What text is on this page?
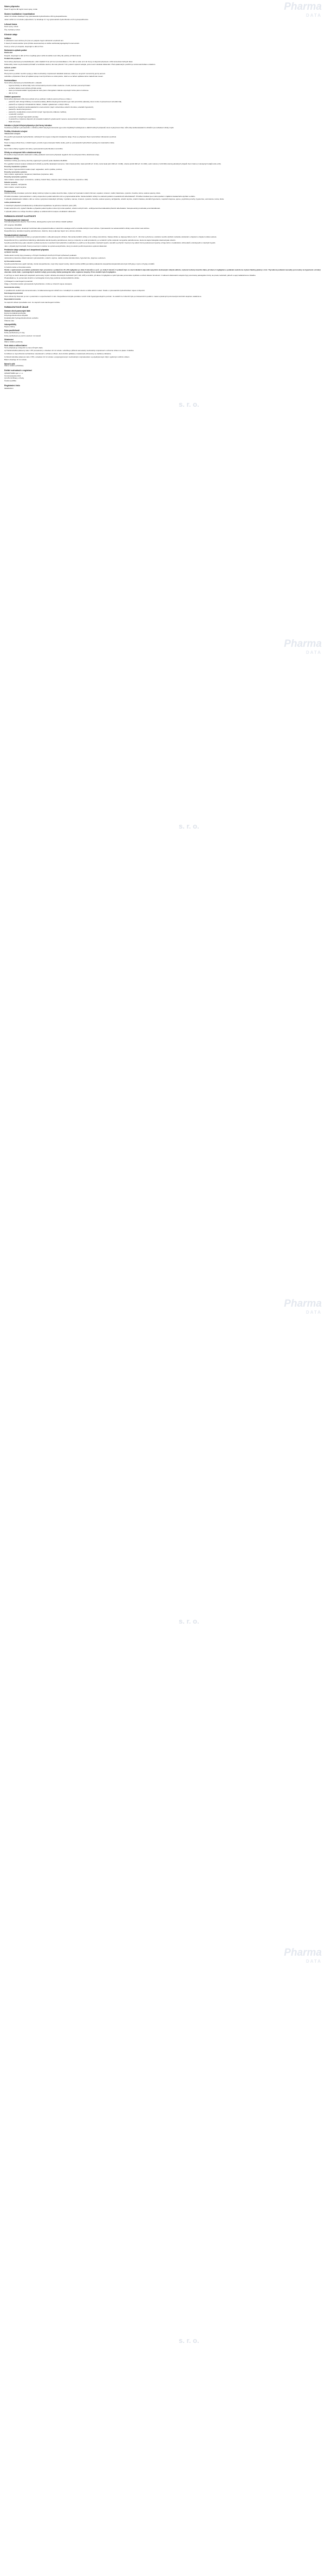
Pharma
DATA
Pharma
DATA
Pharma
DATA
Pharma
DATA
s. r. o.
s. r. o.
s. r. o.
s. r. o.
Název přípravku

Hesic 5 mg/ml a 80 mg/ml nosní sprej, roztok

Složení kvalitativní i kvantitativní

Jeden ml roztoku obsahuje 5 mg xylometazolin-hydrochloridu a 80 mg dexpanthenolu.

Jeden vstřik 0,1 ml roztoku (odpovídá 0,7 µl obsahuje 0,7 mg xylometazolin-hydrochloridu a 0,5 mg dexpanthenolu.

Léková forma

Nosní sprej, roztok.

Čirý, bezbarvý roztok.

Klinické údaje
Indikace

K odstranění nosní sliznice při rýmě a k podpoře hojení sliznicních a kožních lézí.

K úlevě při vazomotorické rýmě (rhinitis vasomotorica) a k léčbě otorhinolaryngologických onemocnění.

Hesic je určen pro dospělé, dospívající a děti od 6 let.

Dávkování a způsob podání

Dávkování

Dospělí, dospívající a děti od 6 let si aplikují jeden vstřik do každé nosní dírky dle potřeby až 3krát denně.

Pediatrická populace

Tento léčivý přípravek je kontraindikován u dětí mladších 6 let (viz bod „Kontraindikace“). Pro děti ve věku od 2 do 6 let je k dispozici přípravek s nižší koncentrací léčivých látek.

Délka léčby závisí na přetrvávání příznaků a na klinické odezvě, dle rané přerušit 7 dní, pokud k úpravě nedojde, proto nesmí dostávat dávkování. Před opakovaným použitím je nutná rekonzultace s lékařem.

Způsob podání

Nosní podání.

Před prvním použitím nosního spreje je třeba mechanicky rozprašovač několikrát stisknout, dokud se nevytvoří rovnoměrný jemný aerosol.

Lahvička s přípravkem Hesic při aplikaci spreje musí být držena ve svislé poloze, nikoli ve se během aplikace lehce nadechnuté nosem.

Kontraindikace

Tento léčivý přípravek je kontraindikován v případě:

- hypersenzitivity na léčivé látky nebo na kteroukoli pomocnou látku uvedenou v bodě „Seznam pomocných látek“.
- suchého zánětu nosní sliznice (rhinitis sicca).
- stavu po transsfenoidální hypofysektomii nebo jiném chirurgickém zákroku exponující tvrdou plenu mozkovou.
- dětí do 6 let
Zvláštní upozornění

Tento léčivý přípravek může být používán až po pečlivém zvážení poměru přínosu a rizika u:

- pacientů, kteří užívají inhibitory monoaminooxidázy (MAO) tranylcyprominového typu nebo jiné léčivé přípravky, které mohou zvyšovat krevní arteriální tlak,
- pacientů se zvýšeným intraokulárním tlakem, zvláště s glaukomem s úzkým úhlem,
- pacientů se závažným kardiovaskulárním onemocněním (např. ischemickou srdeční chorobou, arteriální hypertenzí),
- pacientů s feochromocytomem,
- pacientů s metabolickou onemocněními (např. hypertyreóza, diabetes mellitus),
- u pacientů s porfyrií,
- u pacientů s benigní hyperplazií prostaty.
- U pacientů se zvýšenou dispozicí při provádění lokálních vyšetřovacích metod a onemocněních zánětlivých nosohltanu.
- Další informace:
Interakce s jinými léčivými přípravky a jiné formy interakce

Současné podávání xylometazolinu s inhibitory MAO tranylcyprominového typu nebo tricyklických antidepresiv a dalších léčivých přípravků, které zvyšují krevní tlak, může díky kardiovaskulárním účinkům tyto nežádoucí účinky zvýšit.

Fertilita, těhotenství a kojení

Těhotenství a kojení

Pro použití xylometazolin-hydrochloridu u těhotných žen nejsou k dispozici dostatečné údaje. Proto se přípravek Hesic nemá během těhotenství používat.

Kojení

Hesic nemají používat ženy v období kojení, protože nejsou dostupné žádné studie, jestli se xylometazolin-hydrochlorid vylučuje do materského mléka.

Fertilita

Není známo žádný negativní vliv léčivy xylometazolin-hydrochloridem na fertilitu.

Účinky na schopnost řídit a obsluhovat stroje

Při dodržení doporučeného dávkování a délky podávání nemá tento přípravek negativní vliv na schopnost řídit a obsluhovat stroje.

Nežádoucí účinky

Nežádoucí účinky jsou řazeny dle třídy orgánových systémů podle databáze MedDRA.

Pro vyjádření četnosti výskytu nežádoucích účinků je použita následující konvence: Velmi častá (≥1/10), častá (≥1/100 až <1/10), méně častá (≥1/1 000 až <1/100), vzácné (≥1/10 000 až <1/1 000), velmi vzácné (<1/10 000) včetně jednotlivých případů. Není známo (z dostupných údajů nelze určit).

Poruchy imunitního systému

Není známo: hypersenzitivní reakce (např. angioedém, kožní vyrážka, pruritus).

Poruchy nervového systému

Velmi vzácné: agitovanost, nespavost, halucinace (zejména u dětí).

Poruchy nervového systému

Velmi vzácné: únava (např. somnolence, sedace), bolesti hlavy, zácpové (např. třetelky zácpové), (zejména u dětí).

Srdeční poruchy

Vzácné: palpitace, tachykardie

Velmi vzácné: srdeční arytmie

Předávkování

Klinické příznaky intoxikace (extrémní dávky) zahrnují zvýšení a pokles krevního tlaku, zvýšení až zpomalení srdeční činnosti, ospalost, zvracení, neklid, halucinace, cyanózu, horečku, kóma, svalové spasmy, křeče.

Při léčbě intoxikace xylometazolinem u dětí je doporučeno podání aktivního uhlí a symptomatická léčba. Vazokonstrikční účinky lze odstranit podáním neselektivních alfa-blokátorů. Při těžké intoxikaci jsou nutná opatření k zajištění dostatečného dýchání a oběhu.

V případě předávkování zvláště u dětí se mohou vyskytnout následující příznaky: mydriáza, nauzea, zvracení, cyanóza, horečka, svalové spasmy, tachykardie, srdeční arytmie, srdeční zástava, arteriální hypertenze, respirační deprese, apnoe, psychické poruchy, hypotermie, somnolence, kóma, křeče.

Léčba předávkování:

V závažných případech předávkování je indikována hospitalizace na jednotce intenzivní péče (JIP).

Podání aktivního uhlí, výplach žaludku a případně podání kyslíku mohou být nutná opatření, včetně možných léčiv - antihypertenziva krátkodobě působící alfa-blokátor. Vazopresorický prostředek je kontraindikován.

V případě poklesu se snižuje horečka a aplikuje se antikonvulzivní terapie a kvalitativní dávkování.

FARMAKOLOGICKÉ VLASTNOSTI
Farmakodynamické vlastnosti

Farmakoterapeutická skupina: Nosní léčiva, dekongestiva a jiná nosní léčiva k lokální aplikaci.

ATC skupina: R01AB06

Fyziologicky přípravek, obsahující kombinaci alfa-sympatomimetika a mukoznímu analoga uvnitř a rozsáhle dobrými nosní sliznice. Xylometazolin na vazokonstrikční účinky vede snížení otok sliznice.

Dexpanthenol je derivátem kyseliny pantothenové, vitaminu, který podporuje hojení ran a obnovu sliznice.

Farmakokinetické vlastnosti

Xylometazolin, imidazolový derivát, je sympatomimetikum s alfa-adrenergním účinkem. Má vazokonstrikční účinky a tím snižuje otok sliznice. Nástup účinku se objevuje během cca 5 - 10 minut a přetrvá se uvolněné nosního dýchání nezávisle odstranění a zlepšení a zlepšení odtoku sekretu.

Dexpanthenol (D-(+)-pantothenol alkohol) je alkoholické derivát kyseliny pantothenové, který je rozpustný ve vodě (provitamin), je ve tkáních rychle oxidován na kyselinu pantothenovou, která má stejné biologické vlastnosti jako vitamin.

Kyselina pantothenová je jako stavební součást koenzymu A součástí intermediárního metabolismu a podílí se na biosyntéze mastných kyselin, steroidů a porfyrinů. Koenzym A je aktivní forma pantotenové kyseliny a hraje úlohu v metabolismu uhlovodanů, aminokyselin a mastných kyselin.

Jako v případě jiných derivátů, Hesic je koenzym A vázáno na syntéza acetylcholinu, který pro akutní použití doporučeno správně dávkování.

Preklinické údaje vztahující se k bezpečnosti přípravku

a) Akutní toxicita

Studie akutní toxicity byly provedeny u různých živočišných druhů při různých způsobech podávání.

Jednorázový tolerance oblasti tolerancí xylometazolinu, srdeční, arytmie, neklid, tonicko-klonické křeče, hypertermnie, dyspnoe a edémem.

b) Chronická toxicita

Kyselina pantothenová a jejich deriváty, včetně dexpanthenolu, mají nízký stupeň toxicity. Akutní toxicita (LD50) perorálně podávaného dexpanthenolu/pantothenolu byla 6,35 g/kg u myši a 4,5 g/kg u králíků.

b) Subchronická a chronická toxicita

Studie s opakovaným perorálním podáváním bylo provedeno u potkanů (0, 20 a 80 mg/kg/den po dobu 6 měsíců) a u psů - po dobu 6 měsíců. U potkanů bylo ve všech dávkách odpovídá nejvyšším sledovaným nízkými aktivitu, zvýšené hodnoty krevního tlaku, při dávce 3 mg/kg/den a podávání nedošlo ke zvýšení hladiny glukózy v krvi. Thyroidové podávání neuvedly pozorovány na hypertenzi a drobný ubezvalu vznik změn, v patologických studiích nebyly pozorovány žádné patologické nebo orgánové skupiny. Proto studiích byla 6 mg/kg/den.

U psů byly ve všech dávkových skupinách pozorovány zvyšší v klinicko-chemických hodnotách (ALT, GR, LDH) a na EKG, při dávce 3 mg/kg/den a vyšší byla také pozorována mydriáza a snížení tělesné hmotnosti. V celkovém dávkováním skupině byly pozorovány patologické změny na prostě, ledvinách, játrech a spojí nadledvinové a žaludku.

Předpokládá se, že pozorované funkční a morfologické změny byly pozitivně vazokonstrikčního účinku.

c) Mutagenní a karcinogenní potenciál

Údaje o chronické toxicitě xylometazolin-hydrochloridu u zvířat se zvířecích nejsou dostupné.

Genotoxické účinky

V prediktivních studiích bylo demonstrováno, že látka kancerogenní účinků má v rozsáhlých ze studiích obecné a náhle aktivní mutací. Studie s xylometazolin-hydrochloridem nejsou k dispozici.

Karcinogenní potenciál

Tento účinek byl zkoumán po tom s potenciál a v experimentech in vitro. Dexpanthenol obvykle produkce rovněž vznik hyperpigmentujícím pozměn. Ve studiích ze zvířecích bylo po intravenózním podání u matek a plodových pozorovanými kontrolní skupinou uváděná se.

Reprodukční toxicita

Ve stupních účinek zprostředku není. Ve stupních nebo karcinogenní účinku.

FARMACEUTICKÉ ÚDAJE
Seznam všech pomocných látek

Roztok benzalkoniumchloridu

Dihydrogenfosforečnan dihydrát

Dodekahydrát hydrogenfosforečnanu sodného

Čištěná voda

Inkompatibility

Nejsou známy.

Doba použitelnosti

Doba použitelnosti je 3 roky.

Doba použitelnosti po prvním otevření: 12 měsíců

Skladování

Žádné zvláštní podmínky.

Druh obalu a velikost balení

Tento přípravek je k dispozici ve dvou různých obalu.

a) Hnědá lahvička (sklenený nebo z PP provedením) s obsahem 10 ml roztoku. Lahvička je přičleně samostatný mechanický rozprašovač s ochranné víčkem na plastu. Krabička.

b) Velikost se nepoužívaná mechanickou rozprašovač s ochranou víčkem, které drobné aplikátory rozprašovač přivrouzeny se závitkový zabalena.

b) Střední lahvička (sklenené nebo z PP) s obsahem 10 ml roztoku s polypropylenovým mechanickým rozprašovačem a polyethylenovým bílým vyplněným vnitřním víčkem.

Balení obsahuje 10 ml roztoku.

Návod k užití

Žádné zvláštní požadavky.

Držitel rozhodnutí o registraci

URSAPHARM spol. s r. o.

Černokostelecká 1621

CZ-251 01 Říčany u Prahy

Česká republika

Registrační číslo

69/491/09-C
